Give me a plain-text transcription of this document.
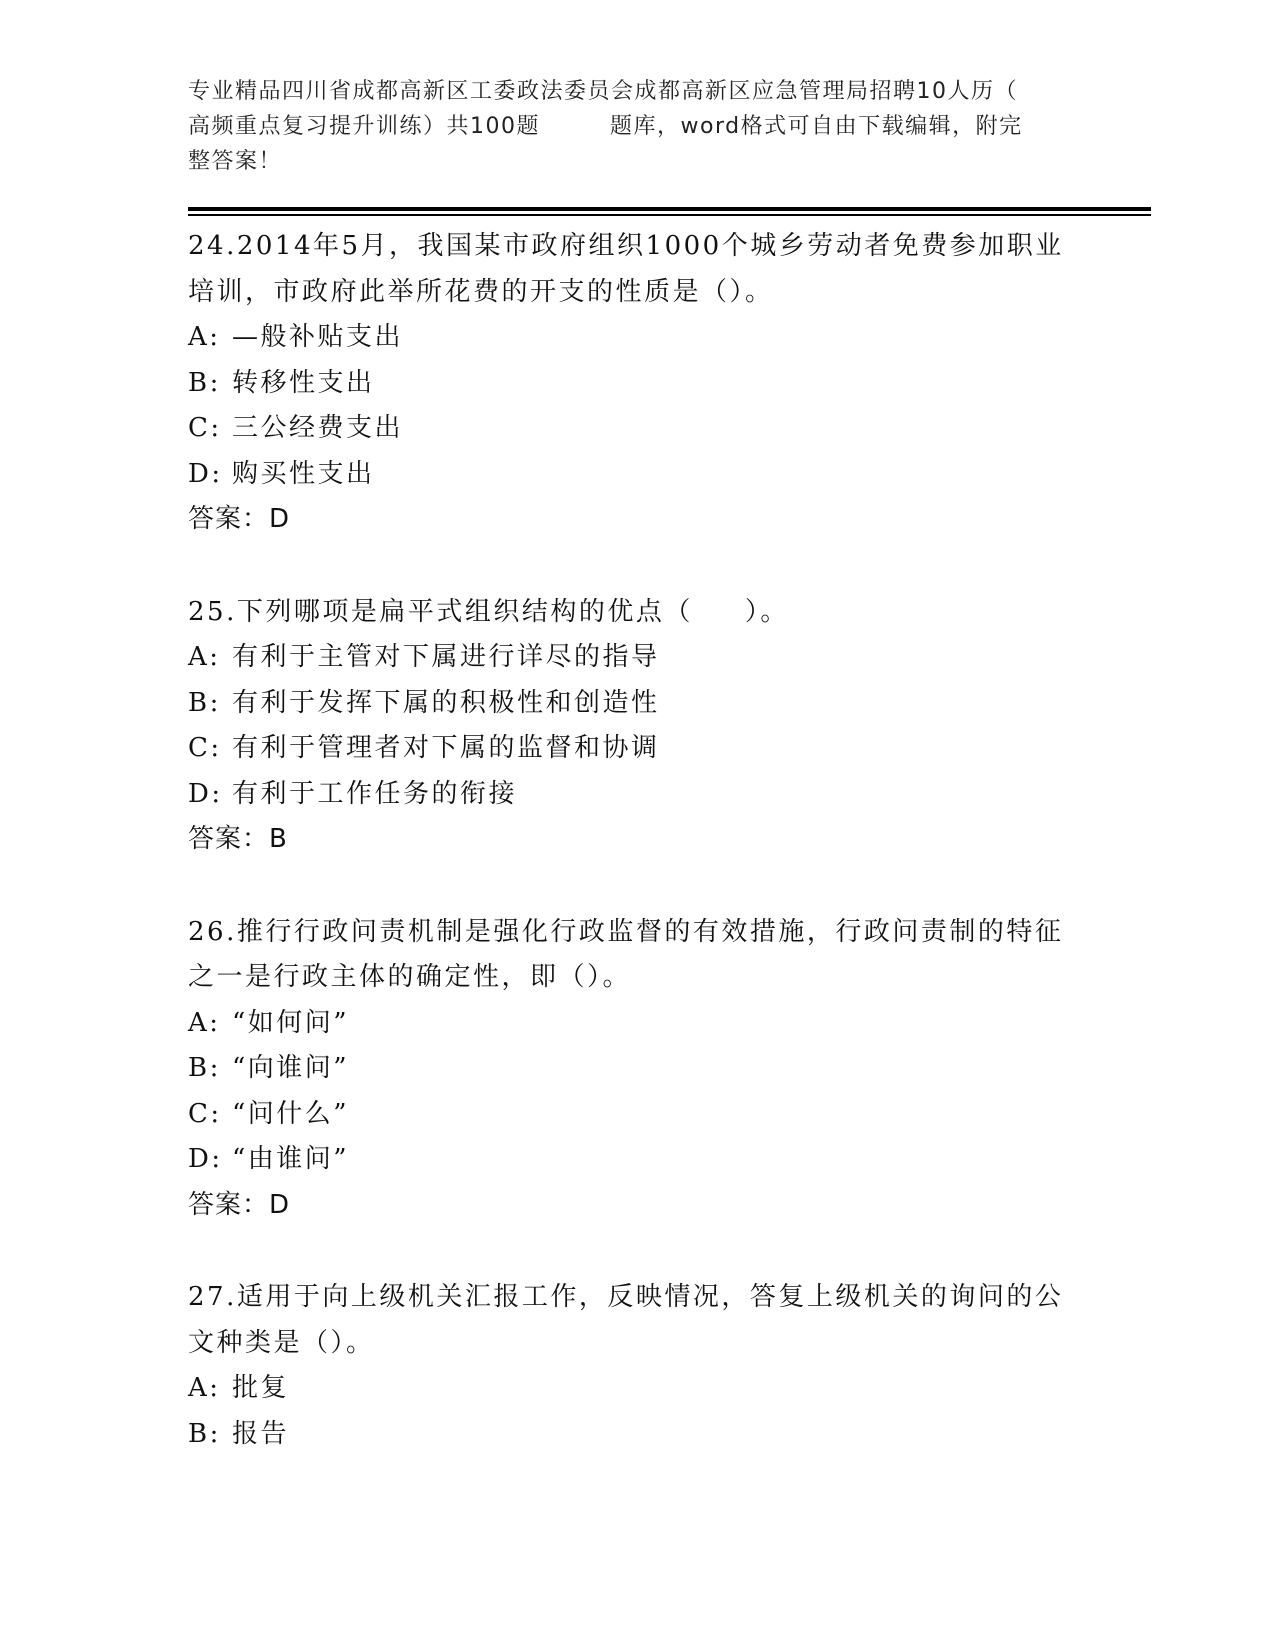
专业精品四川省成都高新区工委政法委员会成都高新区应急管理局招聘10人历（
高频重点复习提升训练）共100题	题库，word格式可自由下载编辑，附完
整答案！
24.2014年5月，我国某市政府组织1000个城乡劳动者免费参加职业
培训，市政府此举所花费的开支的性质是（）。
A: —般补贴支出
B: 转移性支出
C: 三公经费支出
D: 购买性支出
答案：D
25.下列哪项是扁平式组织结构的优点（ ）。
A: 有利于主管对下属进行详尽的指导
B: 有利于发挥下属的积极性和创造性
C: 有利于管理者对下属的监督和协调
D: 有利于工作任务的衔接
答案：B
26.推行行政问责机制是强化行政监督的有效措施，行政问责制的特征
之一是行政主体的确定性，即（）。
A: “如何问”
B: “向谁问”
C: “问什么”
D: “由谁问”
答案：D
27.适用于向上级机关汇报工作，反映情况，答复上级机关的询问的公
文种类是（）。
A: 批复
B: 报告
